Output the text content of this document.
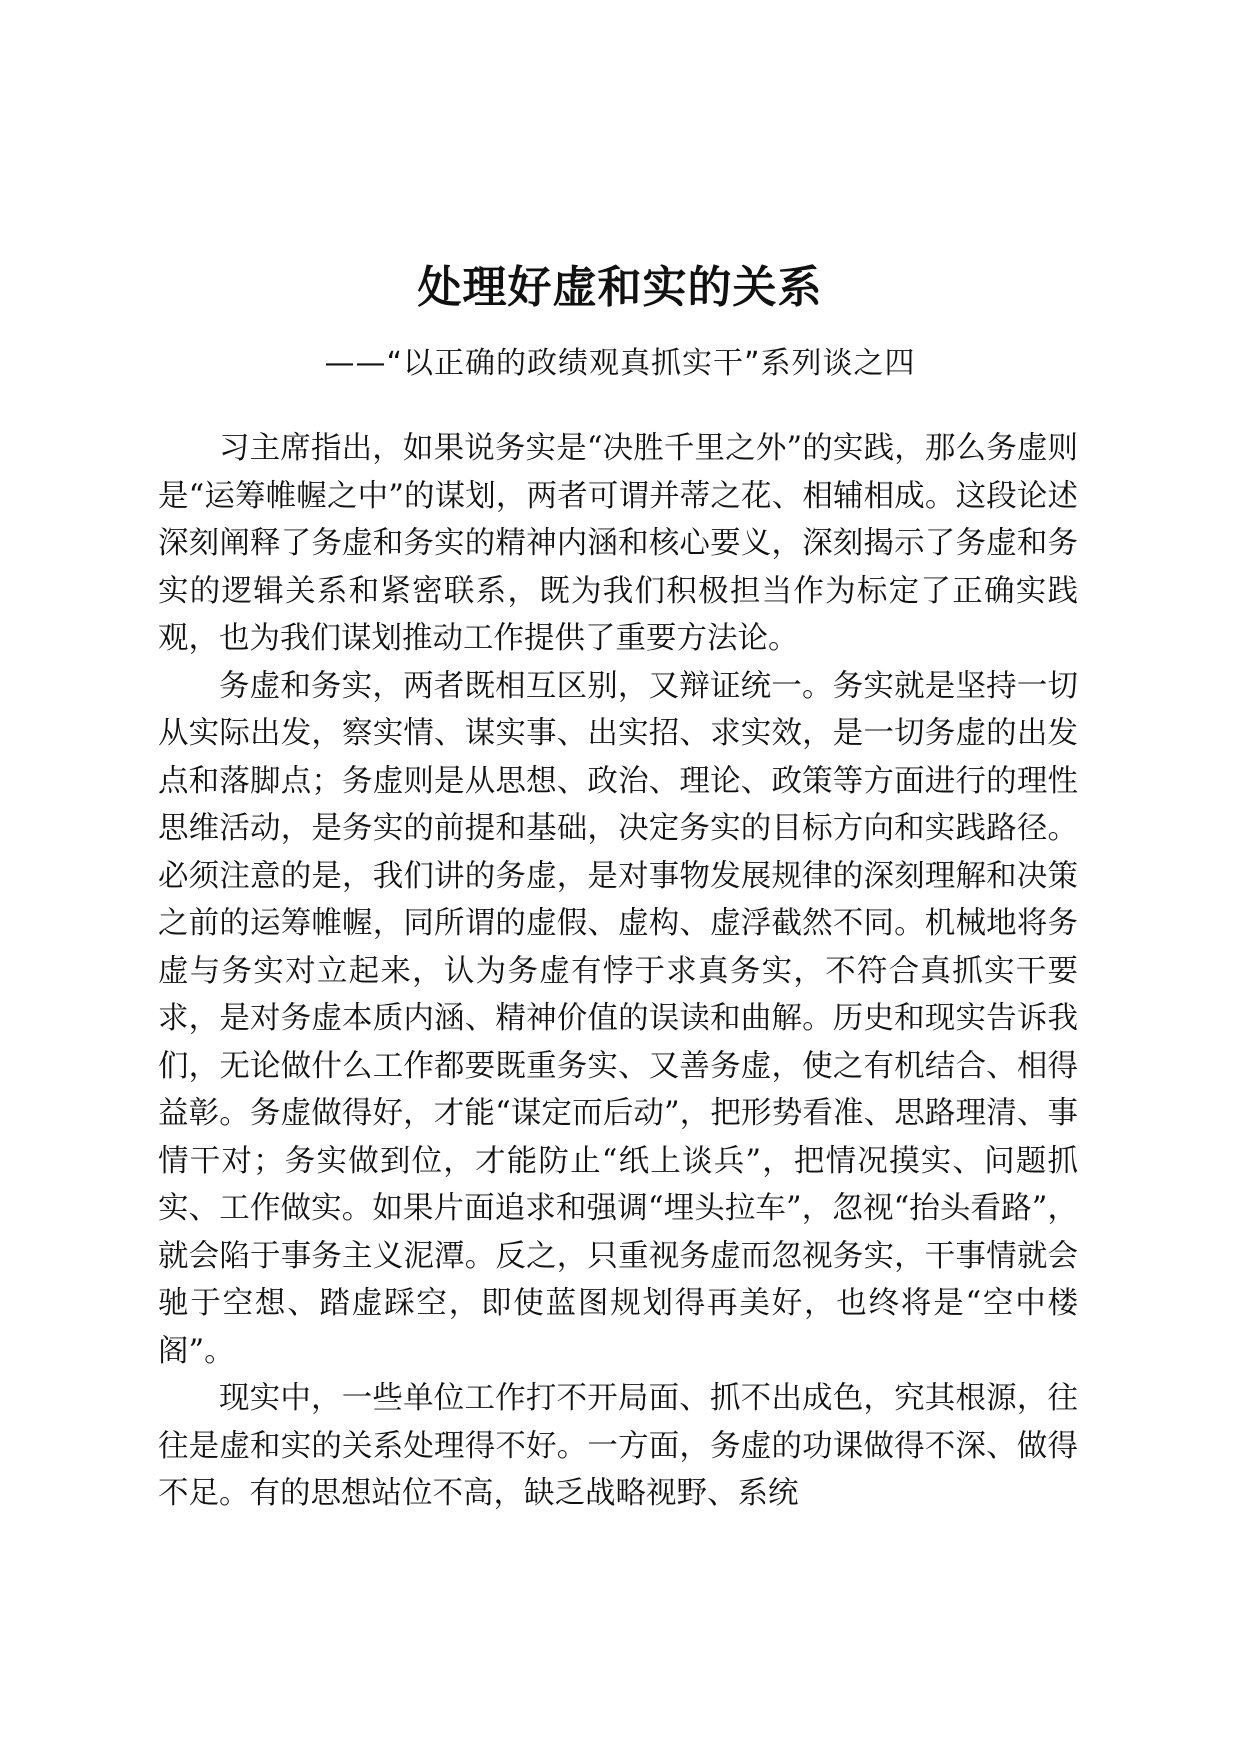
处理好虚和实的关系
——“以正确的政绩观真抓实干”系列谈之四

习主席指出，如果说务实是“决胜千里之外”的实践，那么务虚则是“运筹帷幄之中”的谋划，两者可谓并蒂之花、相辅相成。这段论述深刻阐释了务虚和务实的精神内涵和核心要义，深刻揭示了务虚和务实的逻辑关系和紧密联系，既为我们积极担当作为标定了正确实践观，也为我们谋划推动工作提供了重要方法论。

务虚和务实，两者既相互区别，又辩证统一。务实就是坚持一切从实际出发，察实情、谋实事、出实招、求实效，是一切务虚的出发点和落脚点；务虚则是从思想、政治、理论、政策等方面进行的理性思维活动，是务实的前提和基础，决定务实的目标方向和实践路径。必须注意的是，我们讲的务虚，是对事物发展规律的深刻理解和决策之前的运筹帷幄，同所谓的虚假、虚构、虚浮截然不同。机械地将务虚与务实对立起来，认为务虚有悖于求真务实，不符合真抓实干要求，是对务虚本质内涵、精神价值的误读和曲解。历史和现实告诉我们，无论做什么工作都要既重务实、又善务虚，使之有机结合、相得益彰。务虚做得好，才能“谋定而后动”，把形势看准、思路理清、事情干对；务实做到位，才能防止“纸上谈兵”，把情况摸实、问题抓实、工作做实。如果片面追求和强调“埋头拉车”，忽视“抬头看路”，就会陷于事务主义泥潭。反之，只重视务虚而忽视务实，干事情就会驰于空想、踏虚踩空，即使蓝图规划得再美好，也终将是“空中楼阁”。

现实中，一些单位工作打不开局面、抓不出成色，究其根源，往往是虚和实的关系处理得不好。一方面，务虚的功课做得不深、做得不足。有的思想站位不高，缺乏战略视野、系统
